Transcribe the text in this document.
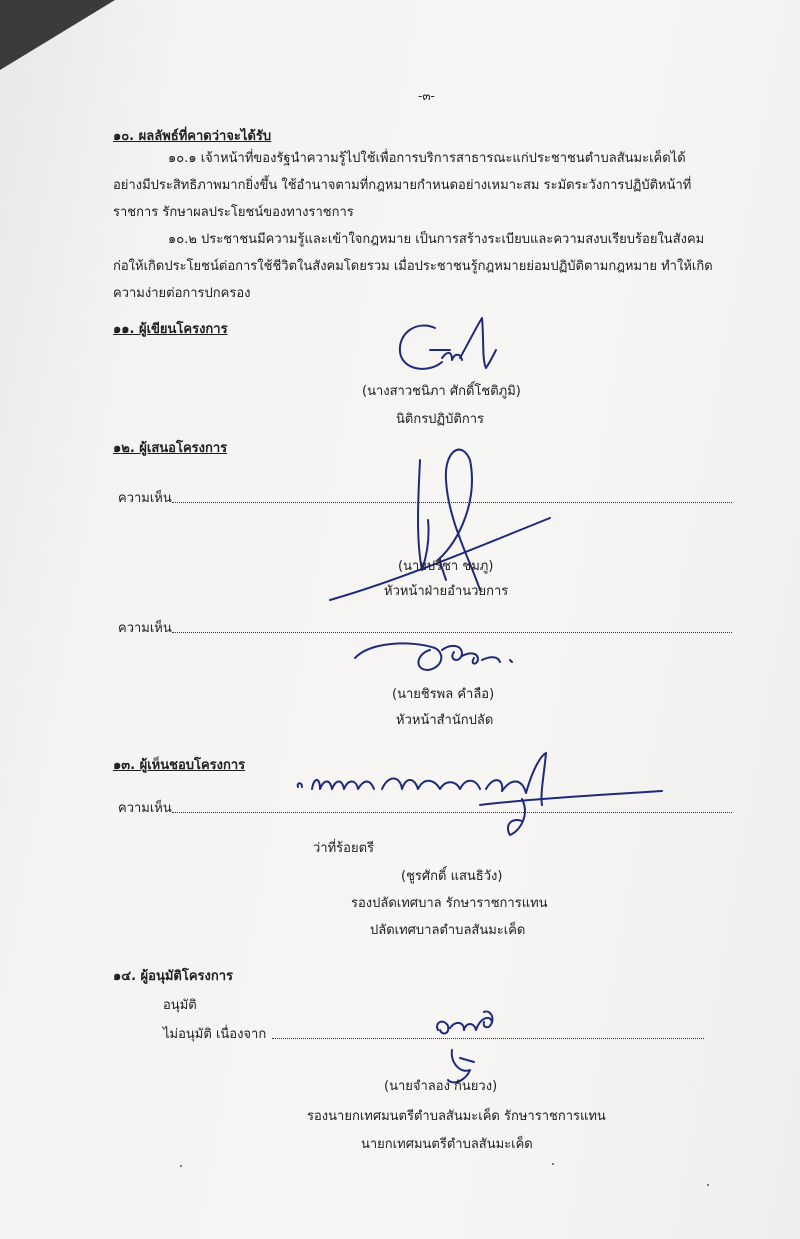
-๓-
๑๐. ผลลัพธ์ที่คาดว่าจะได้รับ
๑๐.๑ เจ้าหน้าที่ของรัฐนำความรู้ไปใช้เพื่อการบริการสาธารณะแก่ประชาชนตำบลสันมะเค็ดได้
อย่างมีประสิทธิภาพมากยิ่งขึ้น ใช้อำนาจตามที่กฎหมายกำหนดอย่างเหมาะสม ระมัดระวังการปฏิบัติหน้าที่
ราชการ รักษาผลประโยชน์ของทางราชการ
๑๐.๒ ประชาชนมีความรู้และเข้าใจกฎหมาย เป็นการสร้างระเบียบและความสงบเรียบร้อยในสังคม
ก่อให้เกิดประโยชน์ต่อการใช้ชีวิตในสังคมโดยรวม เมื่อประชาชนรู้กฎหมายย่อมปฏิบัติตามกฎหมาย ทำให้เกิด
ความง่ายต่อการปกครอง
๑๑. ผู้เขียนโครงการ
(นางสาวชนิภา ศักดิ์โชติภูมิ)
นิติกรปฏิบัติการ
๑๒. ผู้เสนอโครงการ
ความเห็น
(นายปรีชา ชมภู)
หัวหน้าฝ่ายอำนวยการ
ความเห็น
(นายชิรพล คำลือ)
หัวหน้าสำนักปลัด
๑๓. ผู้เห็นชอบโครงการ
ความเห็น
ว่าที่ร้อยตรี
(ชูรศักดิ์ แสนธิวัง)
รองปลัดเทศบาล รักษาราชการแทน
ปลัดเทศบาลตำบลสันมะเค็ด
๑๔. ผู้อนุมัติโครงการ
อนุมัติ
ไม่อนุมัติ เนื่องจาก
(นายจำลอง กันยวง)
รองนายกเทศมนตรีตำบลสันมะเค็ด รักษาราชการแทน
นายกเทศมนตรีตำบลสันมะเค็ด
